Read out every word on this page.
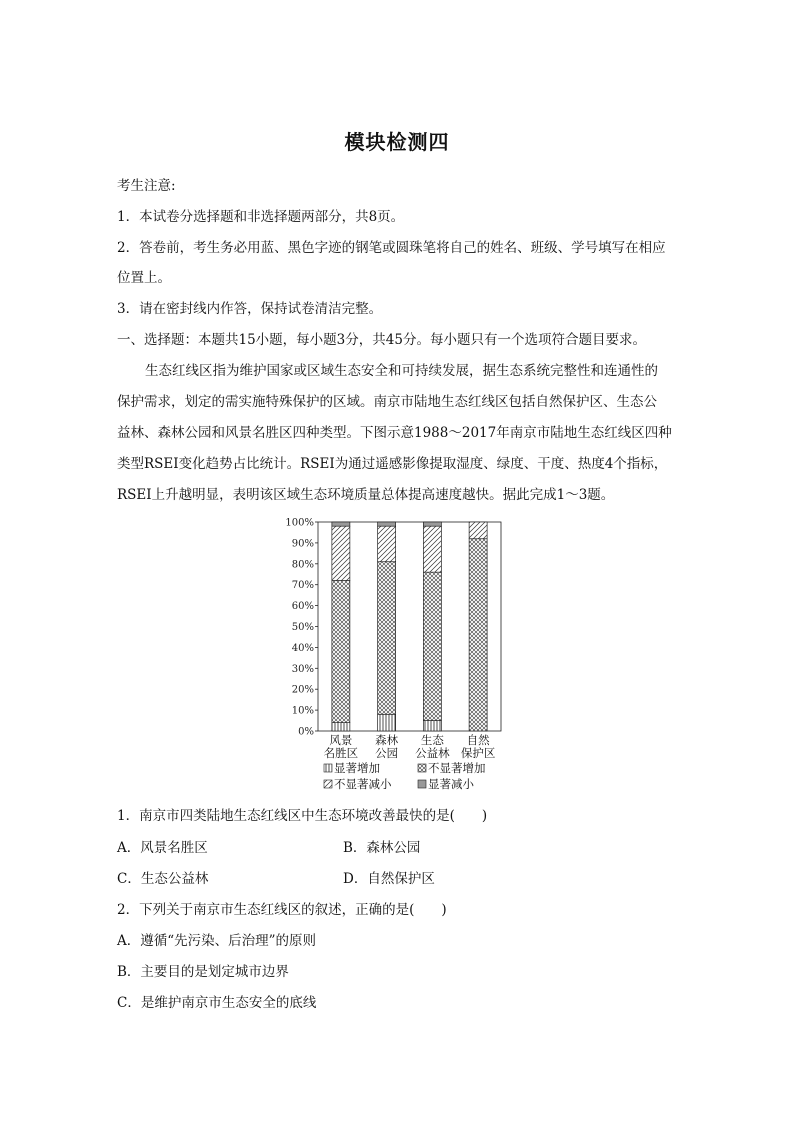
模块检测四
考生注意:
1．本试卷分选择题和非选择题两部分，共8页。
2．答卷前，考生务必用蓝、黑色字迹的钢笔或圆珠笔将自己的姓名、班级、学号填写在相应
位置上。
3．请在密封线内作答，保持试卷清洁完整。
一、选择题：本题共15小题，每小题3分，共45分。每小题只有一个选项符合题目要求。
生态红线区指为维护国家或区域生态安全和可持续发展，据生态系统完整性和连通性的
保护需求，划定的需实施特殊保护的区域。南京市陆地生态红线区包括自然保护区、生态公
益林、森林公园和风景名胜区四种类型。下图示意1988～2017年南京市陆地生态红线区四种
类型RSEI变化趋势占比统计。RSEI为通过遥感影像提取湿度、绿度、干度、热度4个指标，
RSEI上升越明显，表明该区域生态环境质量总体提高速度越快。据此完成1～3题。
0%
10%
20%
30%
40%
50%
60%
70%
80%
90%
100%
风景
名胜区
森林
公园
生态
公益林
自然
保护区
显著增加	不显著增加
不显著减小	显著减小
1．南京市四类陆地生态红线区中生态环境改善最快的是(　　)
A．风景名胜区	B．森林公园
C．生态公益林	D．自然保护区
2．下列关于南京市生态红线区的叙述，正确的是(　　)
A．遵循“先污染、后治理”的原则
B．主要目的是划定城市边界
C．是维护南京市生态安全的底线
